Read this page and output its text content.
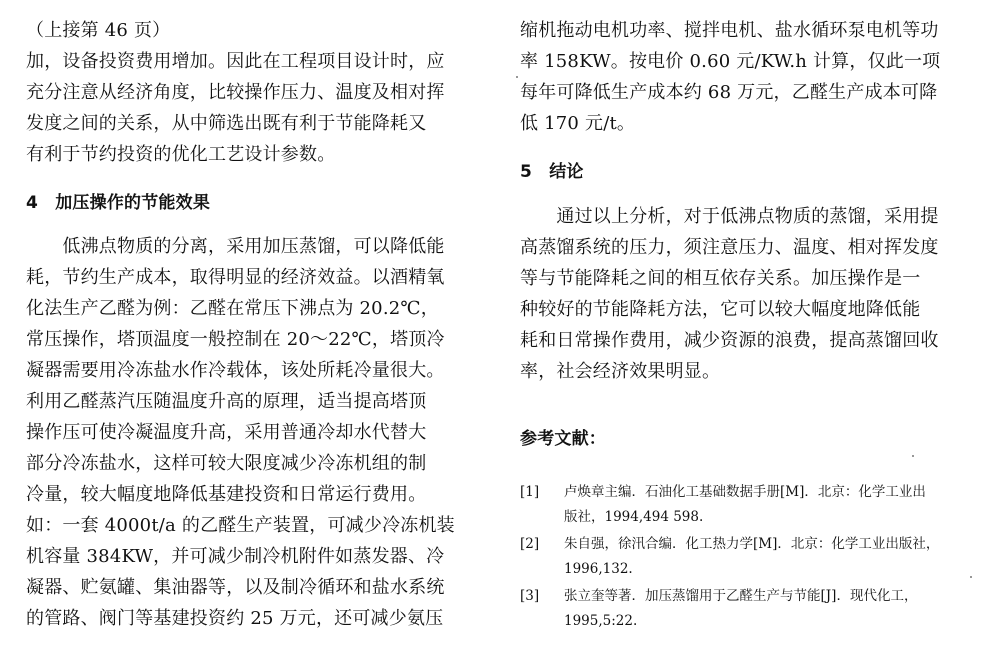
（上接第 46 页）
加，设备投资费用增加。因此在工程项目设计时，应
充分注意从经济角度，比较操作压力、温度及相对挥
发度之间的关系，从中筛选出既有利于节能降耗又
有利于节约投资的优化工艺设计参数。
4　加压操作的节能效果
　　低沸点物质的分离，采用加压蒸馏，可以降低能
耗，节约生产成本，取得明显的经济效益。以酒精氧
化法生产乙醛为例：乙醛在常压下沸点为 20.2℃，
常压操作，塔顶温度一般控制在 20～22℃，塔顶冷
凝器需要用冷冻盐水作冷载体，该处所耗冷量很大。
利用乙醛蒸汽压随温度升高的原理，适当提高塔顶
操作压可使冷凝温度升高，采用普通冷却水代替大
部分冷冻盐水，这样可较大限度减少冷冻机组的制
冷量，较大幅度地降低基建投资和日常运行费用。
如：一套 4000t/a 的乙醛生产装置，可减少冷冻机装
机容量 384KW，并可减少制冷机附件如蒸发器、冷
凝器、贮氨罐、集油器等，以及制冷循环和盐水系统
的管路、阀门等基建投资约 25 万元，还可减少氨压
缩机拖动电机功率、搅拌电机、盐水循环泵电机等功
率 158KW。按电价 0.60 元/KW.h 计算，仅此一项
每年可降低生产成本约 68 万元，乙醛生产成本可降
低 170 元/t。
5　结论
　　通过以上分析，对于低沸点物质的蒸馏，采用提
高蒸馏系统的压力，须注意压力、温度、相对挥发度
等与节能降耗之间的相互依存关系。加压操作是一
种较好的节能降耗方法，它可以较大幅度地降低能
耗和日常操作费用，减少资源的浪费，提高蒸馏回收
率，社会经济效果明显。
参考文献：
[1] 卢焕章主编．石油化工基础数据手册[M]．北京：化学工业出
版社，1994,494 598.
[2] 朱自强，徐汛合编．化工热力学[M]．北京：化学工业出版社，
1996,132.
[3] 张立奎等著．加压蒸馏用于乙醛生产与节能[J]．现代化工，
1995,5:22.
